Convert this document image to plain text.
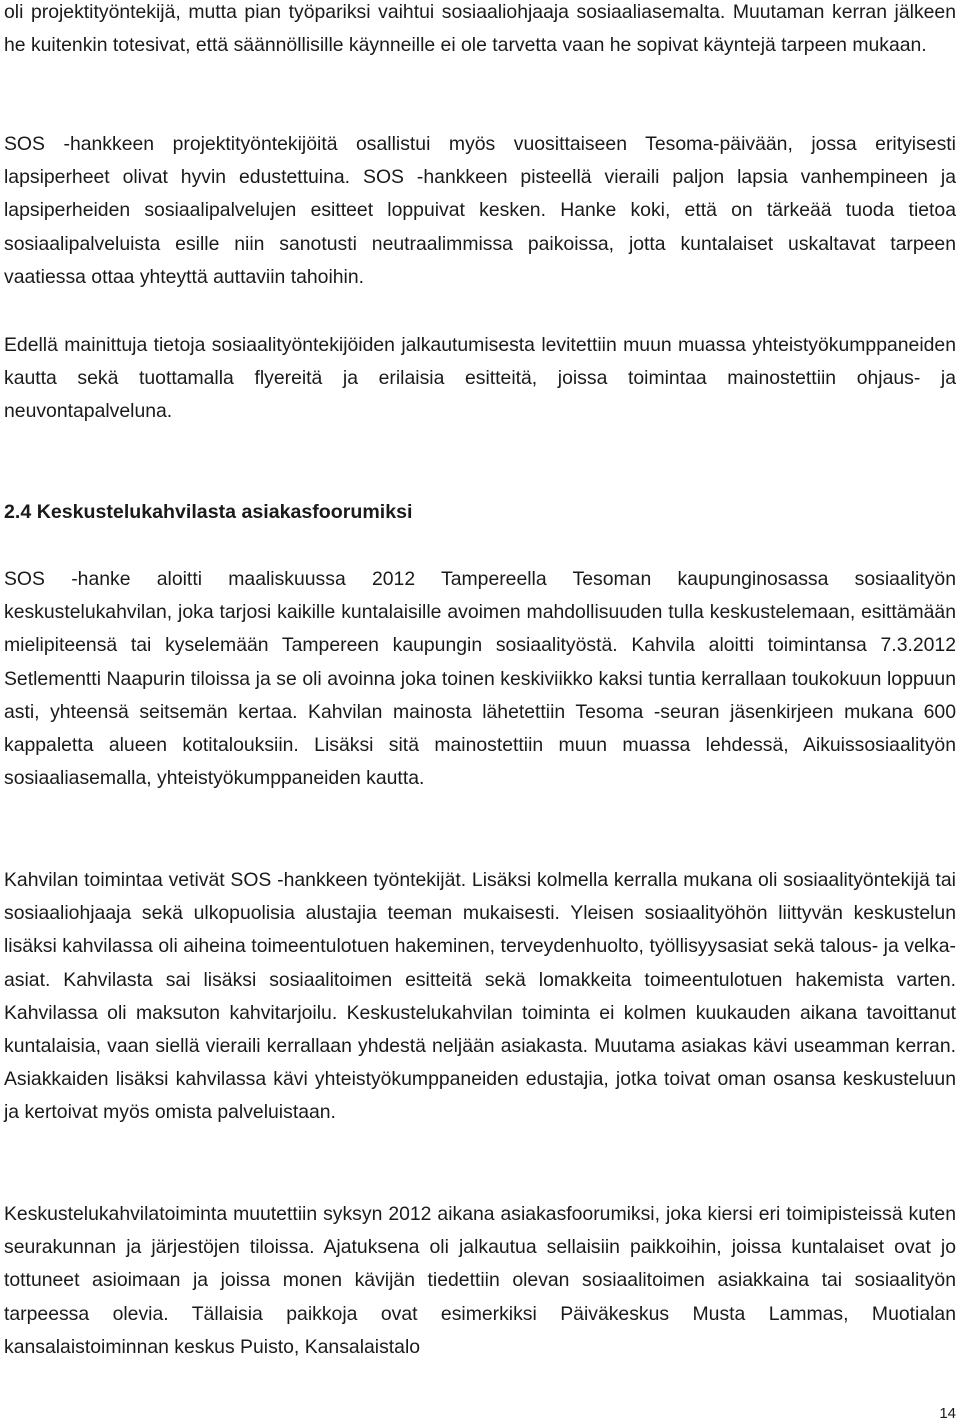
oli projektityöntekijä, mutta pian työpariksi vaihtui sosiaaliohjaaja sosiaaliasemalta. Muutaman kerran jälkeen he kuitenkin totesivat, että säännöllisille käynneille ei ole tarvetta vaan he sopivat käyntejä tarpeen mukaan.

SOS -hankkeen projektityöntekijöitä osallistui myös vuosittaiseen Tesoma-päivään, jossa erityisesti lapsiperheet olivat hyvin edustettuina. SOS -hankkeen pisteellä vieraili paljon lapsia vanhempineen ja lapsiperheiden sosiaalipalvelujen esitteet loppuivat kesken. Hanke koki, että on tärkeää tuoda tietoa sosiaalipalveluista esille niin sanotusti neutraalimmissa paikoissa, jotta kuntalaiset uskaltavat tarpeen vaatiessa ottaa yhteyttä auttaviin tahoihin.

Edellä mainittuja tietoja sosiaalityöntekijöiden jalkautumisesta levitettiin muun muassa yhteistyökumppaneiden kautta sekä tuottamalla flyereitä ja erilaisia esitteitä, joissa toimintaa mainostettiin ohjaus- ja neuvontapalveluna.

2.4 Keskustelukahvilasta asiakasfoorumiksi

SOS -hanke aloitti maaliskuussa 2012 Tampereella Tesoman kaupunginosassa sosiaalityön keskustelukahvilan, joka tarjosi kaikille kuntalaisille avoimen mahdollisuuden tulla keskustelemaan, esittämään mielipiteensä tai kyselemään Tampereen kaupungin sosiaalityöstä. Kahvila aloitti toimintansa 7.3.2012 Setlementti Naapurin tiloissa ja se oli avoinna joka toinen keskiviikko kaksi tuntia kerrallaan toukokuun loppuun asti, yhteensä seitsemän kertaa. Kahvilan mainosta lähetettiin Tesoma -seuran jäsenkirjeen mukana 600 kappaletta alueen kotitalouksiin. Lisäksi sitä mainostettiin muun muassa lehdessä, Aikuissosiaalityön sosiaaliasemalla, yhteistyökumppaneiden kautta.

Kahvilan toimintaa vetivät SOS -hankkeen työntekijät. Lisäksi kolmella kerralla mukana oli sosiaalityöntekijä tai sosiaaliohjaaja sekä ulkopuolisia alustajia teeman mukaisesti. Yleisen sosiaalityöhön liittyvän keskustelun lisäksi kahvilassa oli aiheina toimeentulotuen hakeminen, terveydenhuolto, työllisyysasiat sekä talous- ja velka-asiat. Kahvilasta sai lisäksi sosiaalitoimen esitteitä sekä lomakkeita toimeentulotuen hakemista varten. Kahvilassa oli maksuton kahvitarjoilu. Keskustelukahvilan toiminta ei kolmen kuukauden aikana tavoittanut kuntalaisia, vaan siellä vieraili kerrallaan yhdestä neljään asiakasta. Muutama asiakas kävi useamman kerran. Asiakkaiden lisäksi kahvilassa kävi yhteistyökumppaneiden edustajia, jotka toivat oman osansa keskusteluun ja kertoivat myös omista palveluistaan.

Keskustelukahvilatoiminta muutettiin syksyn 2012 aikana asiakasfoorumiksi, joka kiersi eri toimipisteissä kuten seurakunnan ja järjestöjen tiloissa. Ajatuksena oli jalkautua sellaisiin paikkoihin, joissa kuntalaiset ovat jo tottuneet asioimaan ja joissa monen kävijän tiedettiin olevan sosiaalitoimen asiakkaina tai sosiaalityön tarpeessa olevia. Tällaisia paikkoja ovat esimerkiksi Päiväkeskus Musta Lammas, Muotialan kansalaistoiminnan keskus Puisto, Kansalaistalo

14
